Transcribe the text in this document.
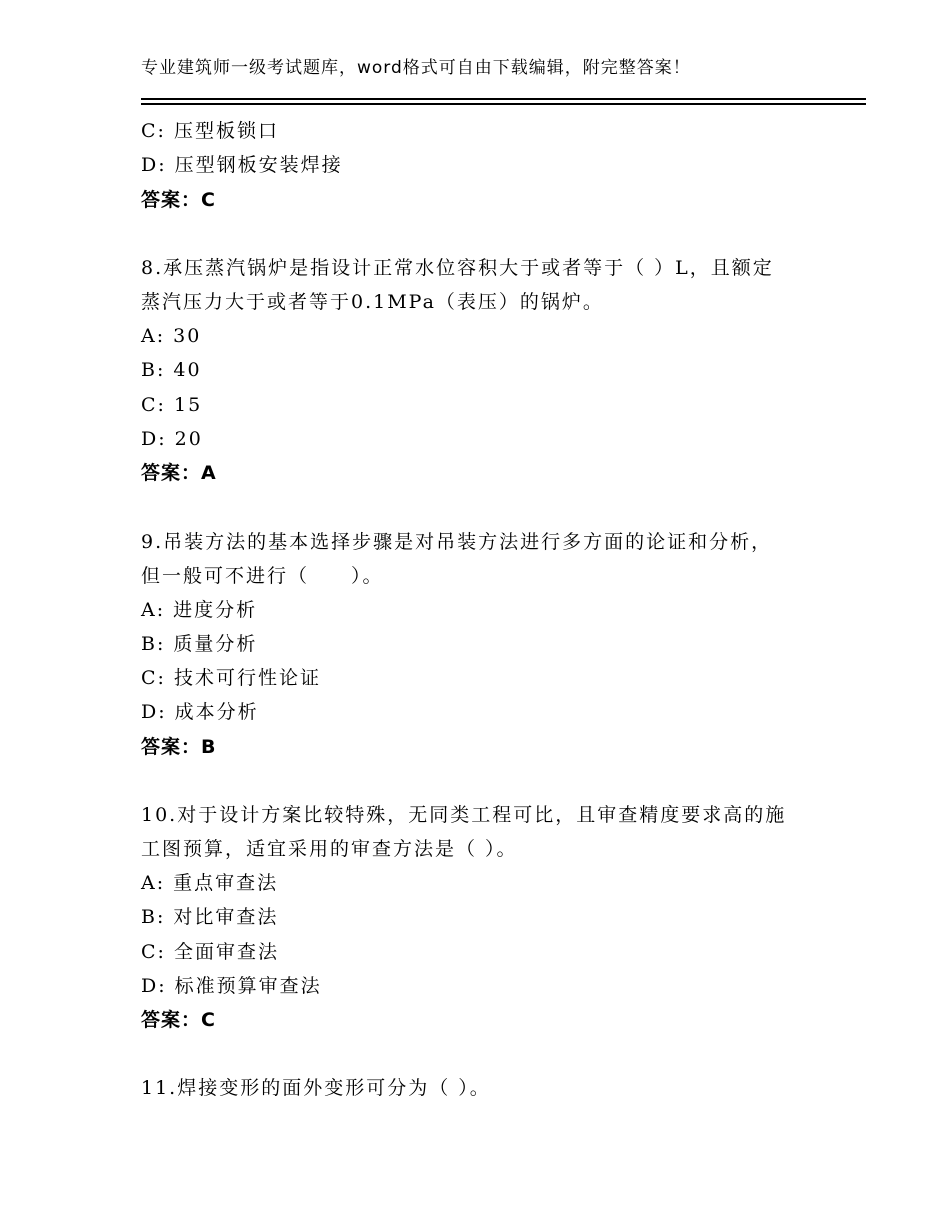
专业建筑师一级考试题库，word格式可自由下载编辑，附完整答案！
C: 压型板锁口
D: 压型钢板安装焊接
答案：C
8.承压蒸汽锅炉是指设计正常水位容积大于或者等于（ ）L，且额定
蒸汽压力大于或者等于0.1MPa（表压）的锅炉。
A: 30
B: 40
C: 15
D: 20
答案：A
9.吊装方法的基本选择步骤是对吊装方法进行多方面的论证和分析，
但一般可不进行（　　）。
A: 进度分析
B: 质量分析
C: 技术可行性论证
D: 成本分析
答案：B
10.对于设计方案比较特殊，无同类工程可比，且审查精度要求高的施
工图预算，适宜采用的审查方法是（ ）。
A: 重点审查法
B: 对比审查法
C: 全面审查法
D: 标准预算审查法
答案：C
11.焊接变形的面外变形可分为（ ）。
